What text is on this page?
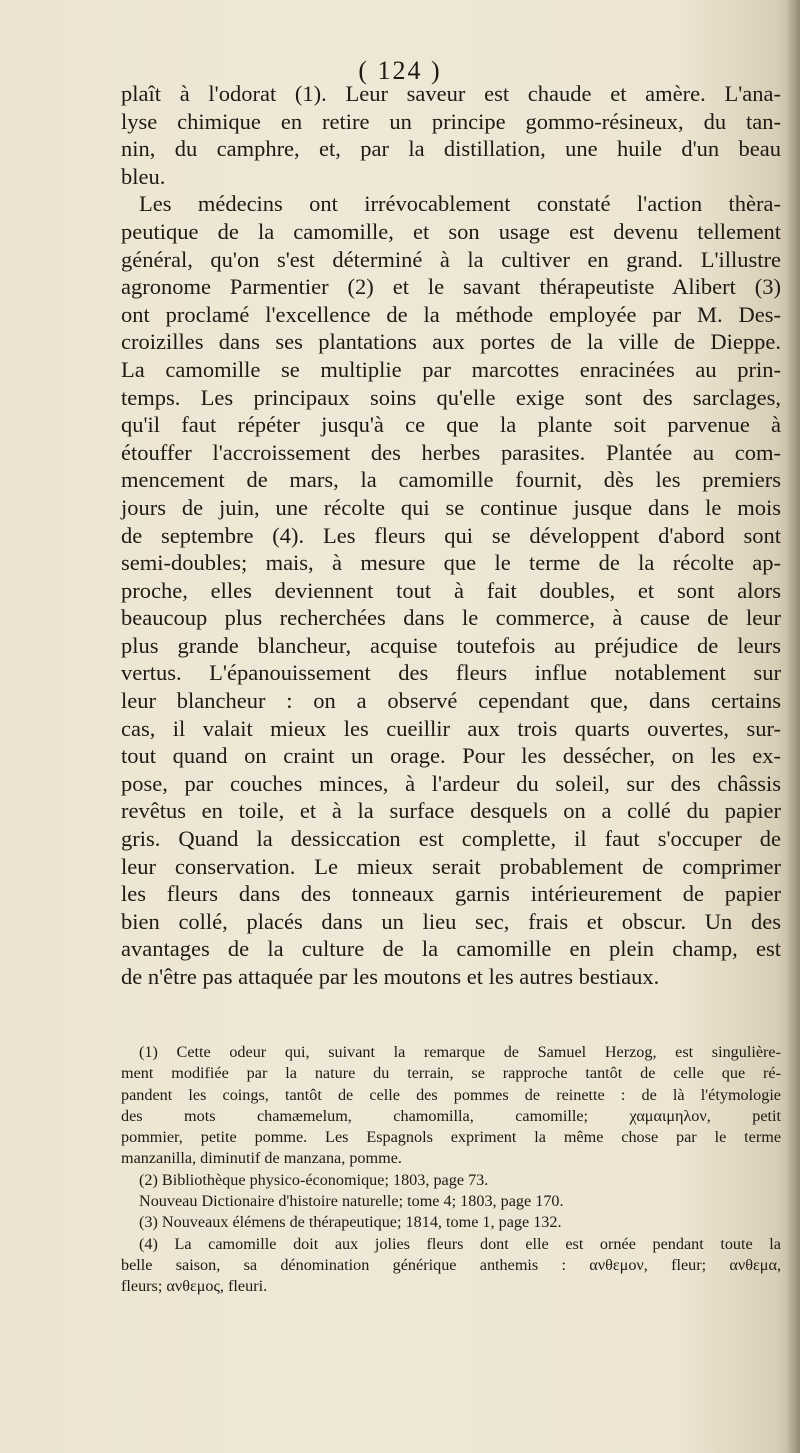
( 124 )
plaît à l'odorat (1). Leur saveur est chaude et amère. L'ana-
lyse chimique en retire un principe gommo-résineux, du tan-
nin, du camphre, et, par la distillation, une huile d'un beau
bleu.
Les médecins ont irrévocablement constaté l'action thèra-
peutique de la camomille, et son usage est devenu tellement
général, qu'on s'est déterminé à la cultiver en grand. L'illustre
agronome Parmentier (2) et le savant thérapeutiste Alibert (3)
ont proclamé l'excellence de la méthode employée par M. Des-
croizilles dans ses plantations aux portes de la ville de Dieppe.
La camomille se multiplie par marcottes enracinées au prin-
temps. Les principaux soins qu'elle exige sont des sarclages,
qu'il faut répéter jusqu'à ce que la plante soit parvenue à
étouffer l'accroissement des herbes parasites. Plantée au com-
mencement de mars, la camomille fournit, dès les premiers
jours de juin, une récolte qui se continue jusque dans le mois
de septembre (4). Les fleurs qui se développent d'abord sont
semi-doubles; mais, à mesure que le terme de la récolte ap-
proche, elles deviennent tout à fait doubles, et sont alors
beaucoup plus recherchées dans le commerce, à cause de leur
plus grande blancheur, acquise toutefois au préjudice de leurs
vertus. L'épanouissement des fleurs influe notablement sur
leur blancheur : on a observé cependant que, dans certains
cas, il valait mieux les cueillir aux trois quarts ouvertes, sur-
tout quand on craint un orage. Pour les dessécher, on les ex-
pose, par couches minces, à l'ardeur du soleil, sur des châssis
revêtus en toile, et à la surface desquels on a collé du papier
gris. Quand la dessiccation est complette, il faut s'occuper de
leur conservation. Le mieux serait probablement de comprimer
les fleurs dans des tonneaux garnis intérieurement de papier
bien collé, placés dans un lieu sec, frais et obscur. Un des
avantages de la culture de la camomille en plein champ, est
de n'être pas attaquée par les moutons et les autres bestiaux.
(1) Cette odeur qui, suivant la remarque de Samuel Herzog, est singulière-
ment modifiée par la nature du terrain, se rapproche tantôt de celle que ré-
pandent les coings, tantôt de celle des pommes de reinette : de là l'étymologie
des mots chamæmelum, chamomilla, camomille; χαμαιμηλον, petit
pommier, petite pomme. Les Espagnols expriment la même chose par le terme
manzanilla, diminutif de manzana, pomme.
(2) Bibliothèque physico-économique; 1803, page 73.
Nouveau Dictionaire d'histoire naturelle; tome 4; 1803, page 170.
(3) Nouveaux élémens de thérapeutique; 1814, tome 1, page 132.
(4) La camomille doit aux jolies fleurs dont elle est ornée pendant toute la
belle saison, sa dénomination générique anthemis : ανθεμον, fleur; ανθεμα,
fleurs; ανθεμος, fleuri.
